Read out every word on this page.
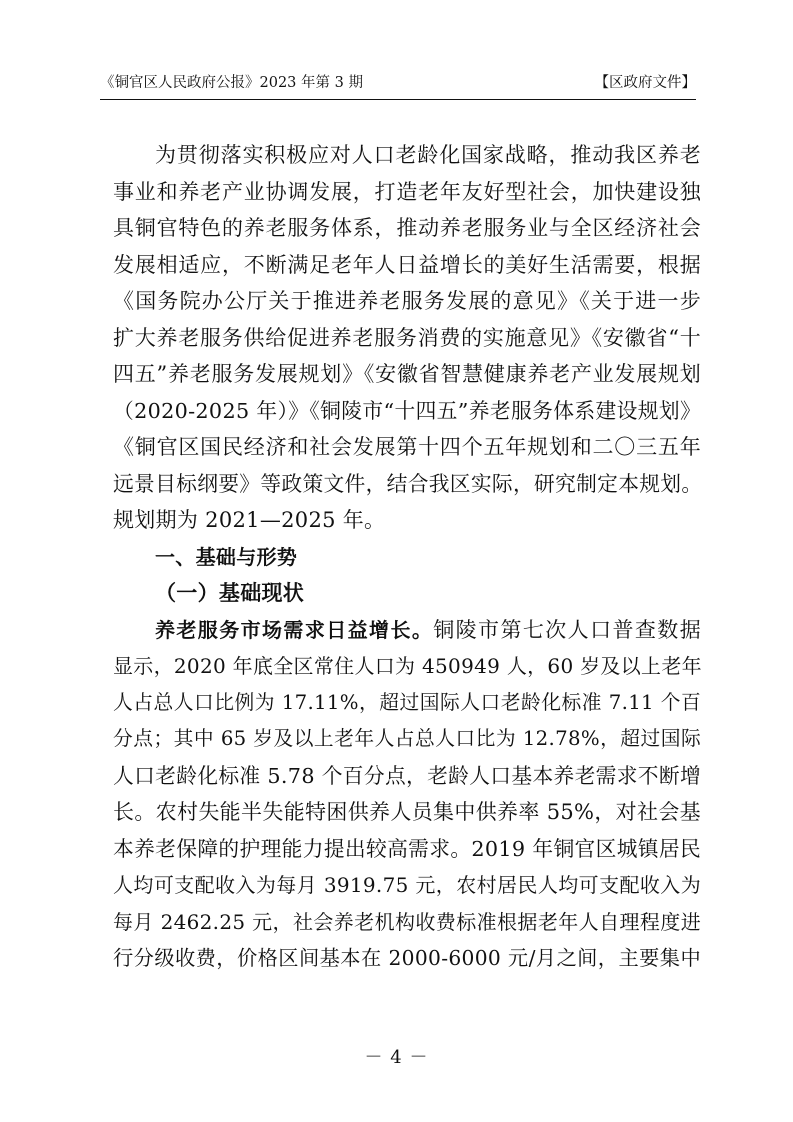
《铜官区人民政府公报》2023 年第 3 期	【区政府文件】
为贯彻落实积极应对人口老龄化国家战略，推动我区养老
事业和养老产业协调发展，打造老年友好型社会，加快建设独
具铜官特色的养老服务体系，推动养老服务业与全区经济社会
发展相适应，不断满足老年人日益增长的美好生活需要，根据
《国务院办公厅关于推进养老服务发展的意见》《关于进一步
扩大养老服务供给促进养老服务消费的实施意见》《安徽省“十
四五”养老服务发展规划》《安徽省智慧健康养老产业发展规划
（2020-2025 年）》《铜陵市“十四五”养老服务体系建设规划》
《铜官区国民经济和社会发展第十四个五年规划和二〇三五年
远景目标纲要》等政策文件，结合我区实际，研究制定本规划。
规划期为 2021—2025 年。
一、基础与形势
（一）基础现状
养老服务市场需求日益增长。铜陵市第七次人口普查数据
显示，2020 年底全区常住人口为 450949 人，60 岁及以上老年
人占总人口比例为 17.11%，超过国际人口老龄化标准 7.11 个百
分点；其中 65 岁及以上老年人占总人口比为 12.78%，超过国际
人口老龄化标准 5.78 个百分点，老龄人口基本养老需求不断增
长。农村失能半失能特困供养人员集中供养率 55%，对社会基
本养老保障的护理能力提出较高需求。2019 年铜官区城镇居民
人均可支配收入为每月 3919.75 元，农村居民人均可支配收入为
每月 2462.25 元，社会养老机构收费标准根据老年人自理程度进
行分级收费，价格区间基本在 2000-6000 元/月之间，主要集中
－ 4 －
